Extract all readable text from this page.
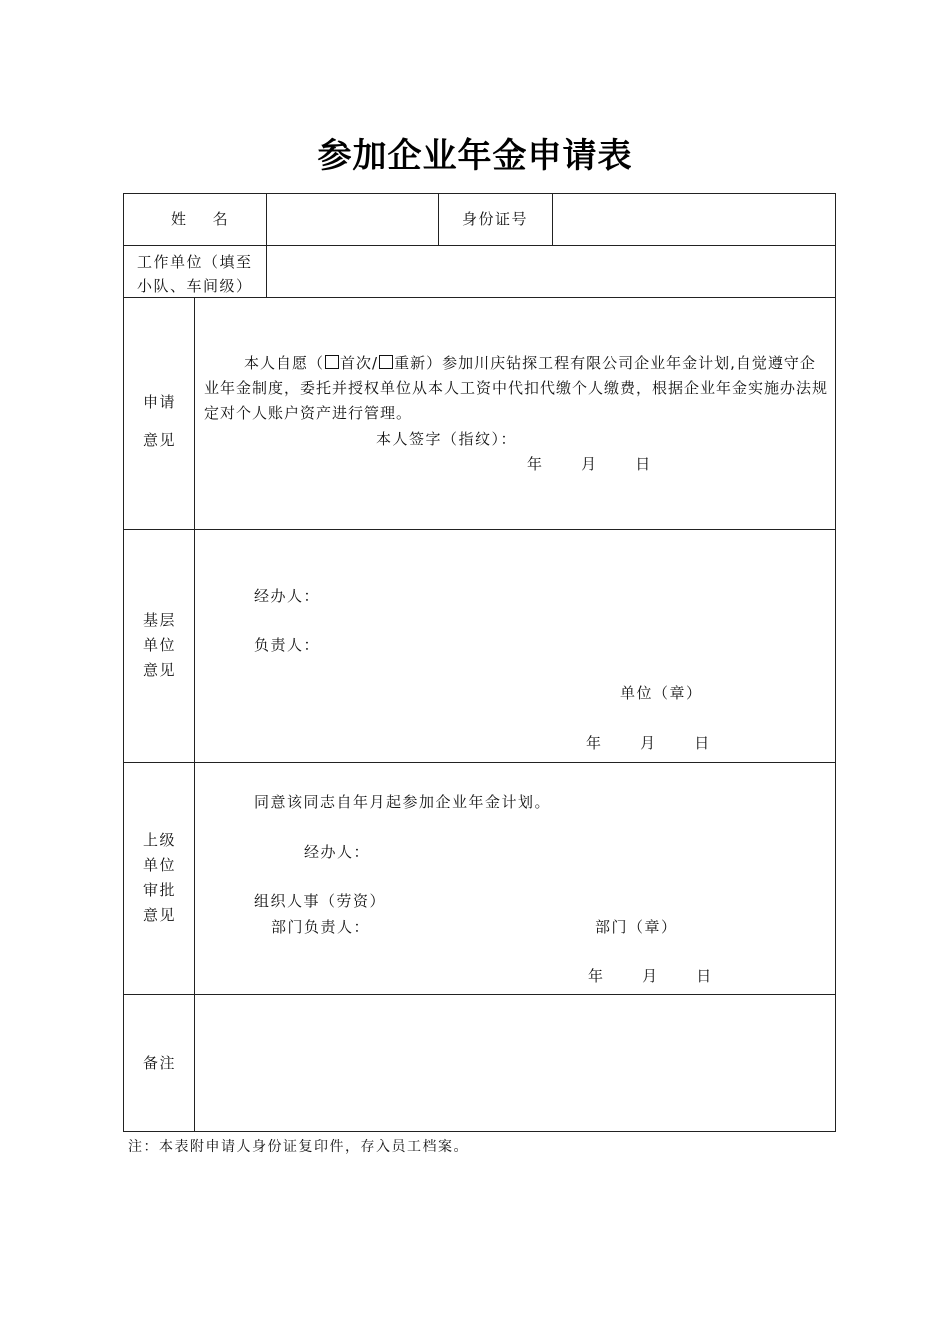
参加企业年金申请表
姓    名	身份证号
工作单位（填至
小队、车间级）
申请
意见
本人自愿（ 首次/ 重新）参加川庆钻探工程有限公司企业年金计划,自觉遵守企业年金制度，委托并授权单位从本人工资中代扣代缴个人缴费，根据企业年金实施办法规定对个人账户资产进行管理。
本人签字（指纹）：
年      月      日
基层
单位
意见
经办人：
负责人：
单位（章）
年      月      日
上级
单位
审批
意见
同意该同志自年月起参加企业年金计划。
经办人：
组织人事（劳资）
部门负责人：	部门（章）
年      月      日
备注
注：本表附申请人身份证复印件，存入员工档案。
